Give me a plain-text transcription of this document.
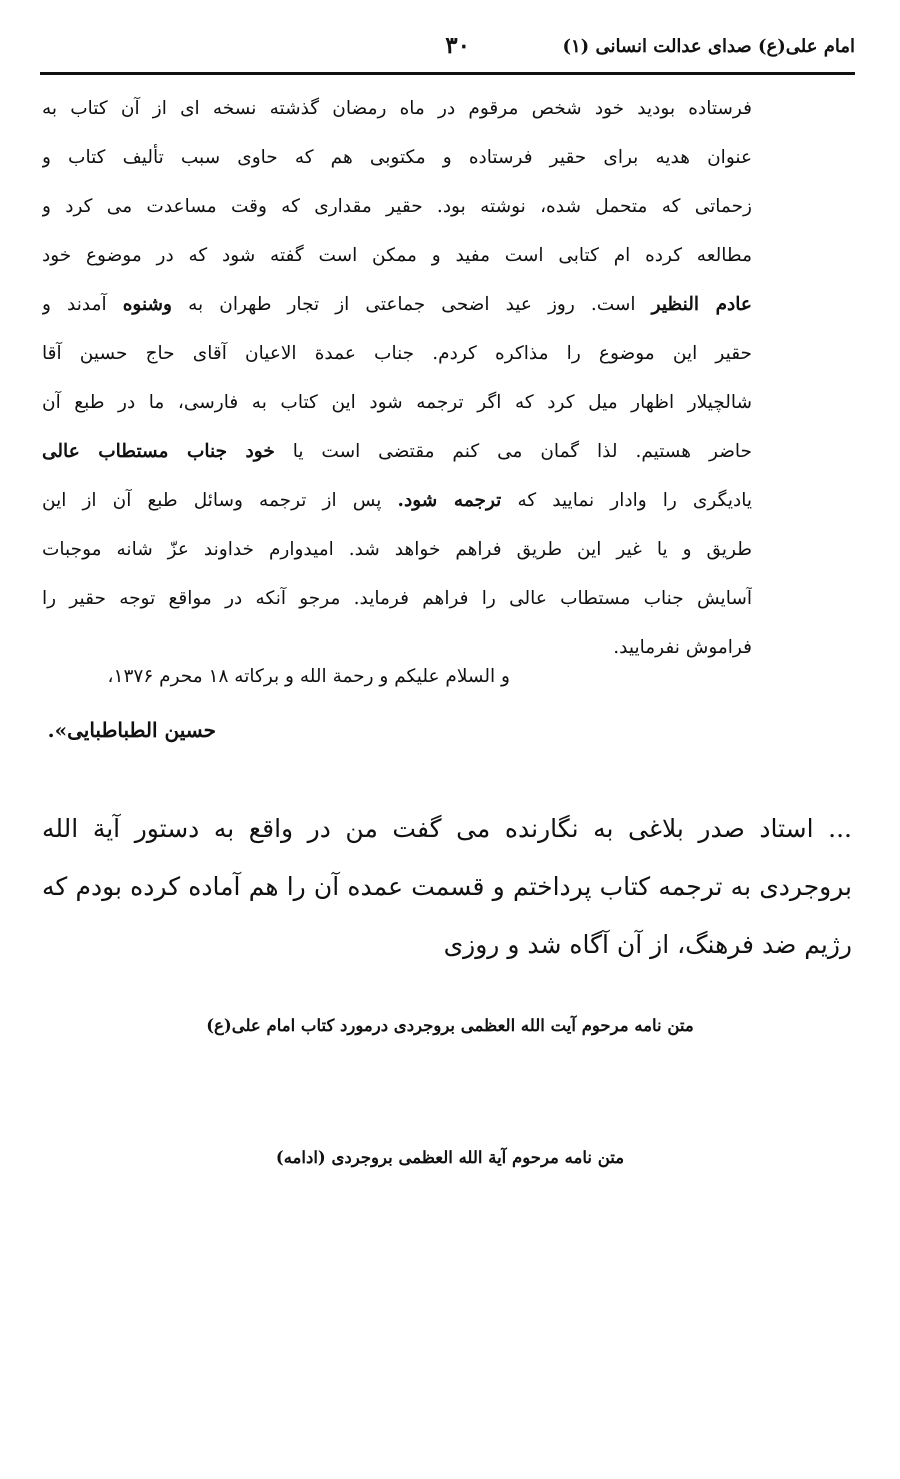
امام علی(ع) صدای عدالت انسانی (۱)
۳۰
فرستاده بودید خود شخص مرقوم در ماه رمضان گذشته نسخه ای از آن کتاب به
عنوان هدیه برای حقیر فرستاده و مکتوبی هم که حاوی سبب تألیف کتاب و
زحماتی که متحمل شده، نوشته بود. حقیر مقداری که وقت مساعدت می کرد و
مطالعه کرده ام کتابی است مفید و ممکن است گفته شود که در موضوع خود
عادم النظیر است. روز عید اضحی جماعتی از تجار طهران به وشنوه آمدند و
حقیر این موضوع را مذاکره کردم. جناب عمدة الاعیان آقای حاج حسین آقا
شالچیلار اظهار میل کرد که اگر ترجمه شود این کتاب به فارسی، ما در طبع آن
حاضر هستیم. لذا گمان می کنم مقتضی است یا خود جناب مستطاب عالی
یادیگری را وادار نمایید که ترجمه شود. پس از ترجمه وسائل طبع آن از این
طریق و یا غیر این طریق فراهم خواهد شد. امیدوارم خداوند عزّ شانه موجبات
آسایش جناب مستطاب عالی را فراهم فرماید. مرجو آنکه در مواقع توجه حقیر را
فراموش نفرمایید.
و السلام علیکم و رحمة الله و برکاته ۱۸ محرم ۱۳۷۶،
حسین الطباطبایی».
... استاد صدر بلاغی به نگارنده می گفت من در واقع به دستور آیة الله
بروجردی به ترجمه کتاب پرداختم و قسمت عمده آن را هم آماده کرده بودم که
رژیم ضد فرهنگ، از آن آگاه شد و روزی
متن نامه مرحوم آیت الله العظمی بروجردی درمورد کتاب امام علی(ع)
متن نامه مرحوم آیة الله العظمی بروجردی (ادامه)
